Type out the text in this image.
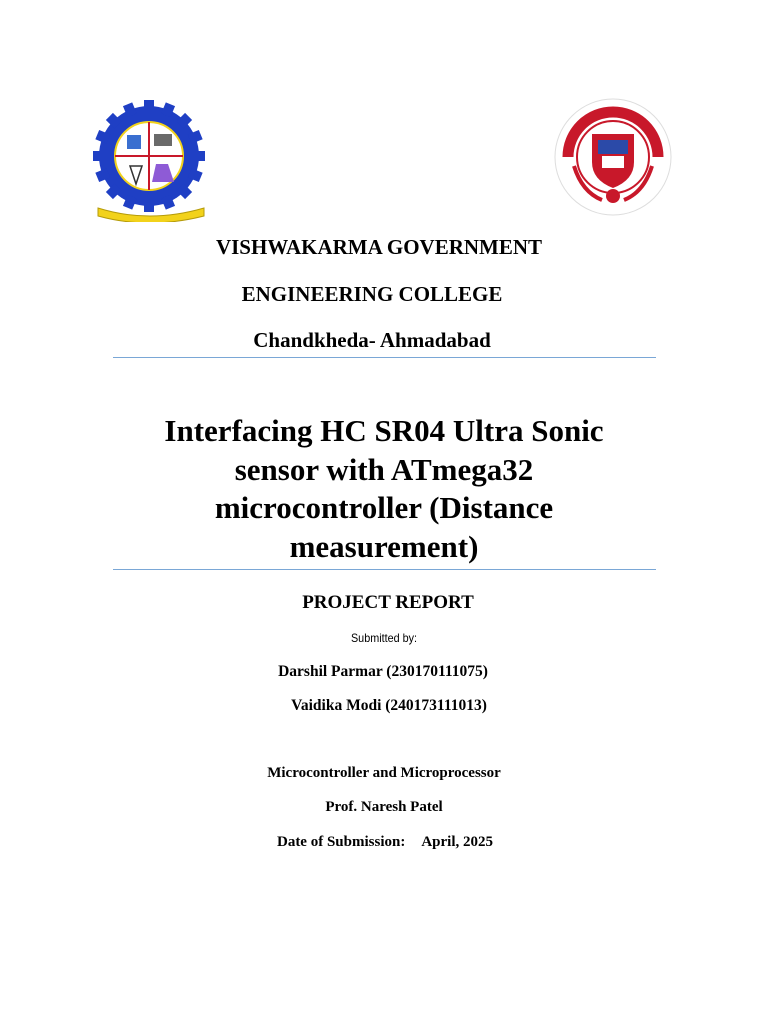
VISHWAKARMA GOVERNMENT
ENGINEERING COLLEGE
Chandkheda- Ahmadabad
Interfacing HC SR04 Ultra Sonic
sensor with ATmega32
microcontroller (Distance
measurement)
PROJECT REPORT
Submitted by:
Darshil Parmar (230170111075)
Vaidika Modi (240173111013)
Microcontroller and Microprocessor
Prof. Naresh Patel
Date of Submission: April, 2025
